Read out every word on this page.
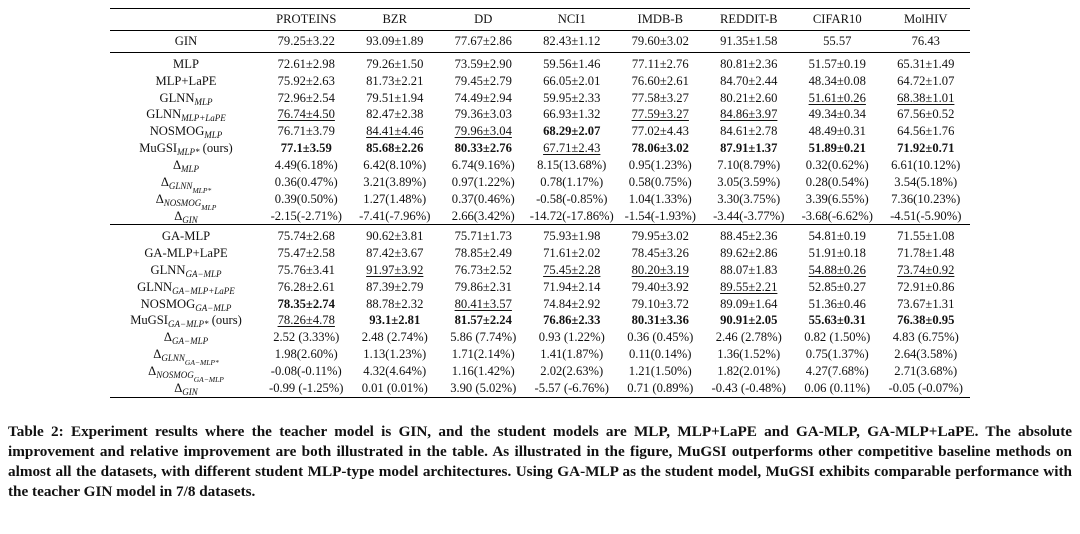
	PROTEINS	BZR	DD	NCI1	IMDB-B	REDDIT-B	CIFAR10	MolHIV
GIN	79.25±3.22	93.09±1.89	77.67±2.86	82.43±1.12	79.60±3.02	91.35±1.58	55.57	76.43
MLP	72.61±2.98	79.26±1.50	73.59±2.90	59.56±1.46	77.11±2.76	80.81±2.36	51.57±0.19	65.31±1.49
MLP+LaPE	75.92±2.63	81.73±2.21	79.45±2.79	66.05±2.01	76.60±2.61	84.70±2.44	48.34±0.08	64.72±1.07
$GLNN_{MLP}$	72.96±2.54	79.51±1.94	74.49±2.94	59.95±2.33	77.58±3.27	80.21±2.60	51.61±0.26	68.38±1.01
$GLNN_{MLP+LaPE}$	76.74±4.50	82.47±2.38	79.36±3.03	66.93±1.32	77.59±3.27	84.86±3.97	49.34±0.34	67.56±0.52
$NOSMOG_{MLP}$	76.71±3.79	84.41±4.46	79.96±3.04	68.29±2.07	77.02±4.43	84.61±2.78	48.49±0.31	64.56±1.76
MuGSI$_{MLP*}$ (ours)	77.1±3.59	85.68±2.26	80.33±2.76	67.71±2.43	78.06±3.02	87.91±1.37	51.89±0.21	71.92±0.71
$\Delta_{MLP}$	4.49(6.18%)	6.42(8.10%)	6.74(9.16%)	8.15(13.68%)	0.95(1.23%)	7.10(8.79%)	0.32(0.62%)	6.61(10.12%)
$\Delta_{GLNN_{MLP*}}$	0.36(0.47%)	3.21(3.89%)	0.97(1.22%)	0.78(1.17%)	0.58(0.75%)	3.05(3.59%)	0.28(0.54%)	3.54(5.18%)
$\Delta_{NOSMOG_{MLP}}$	0.39(0.50%)	1.27(1.48%)	0.37(0.46%)	-0.58(-0.85%)	1.04(1.33%)	3.30(3.75%)	3.39(6.55%)	7.36(10.23%)
$\Delta_{GIN}$	-2.15(-2.71%)	-7.41(-7.96%)	2.66(3.42%)	-14.72(-17.86%)	-1.54(-1.93%)	-3.44(-3.77%)	-3.68(-6.62%)	-4.51(-5.90%)
GA-MLP	75.74±2.68	90.62±3.81	75.71±1.73	75.93±1.98	79.95±3.02	88.45±2.36	54.81±0.19	71.55±1.08
GA-MLP+LaPE	75.47±2.58	87.42±3.67	78.85±2.49	71.61±2.02	78.45±3.26	89.62±2.86	51.91±0.18	71.78±1.48
$GLNN_{GA-MLP}$	75.76±3.41	91.97±3.92	76.73±2.52	75.45±2.28	80.20±3.19	88.07±1.83	54.88±0.26	73.74±0.92
$GLNN_{GA-MLP+LaPE}$	76.28±2.61	87.39±2.79	79.86±2.31	71.94±2.14	79.40±3.92	89.55±2.21	52.85±0.27	72.91±0.86
$NOSMOG_{GA-MLP}$	78.35±2.74	88.78±2.32	80.41±3.57	74.84±2.92	79.10±3.72	89.09±1.64	51.36±0.46	73.67±1.31
MuGSI$_{GA-MLP*}$ (ours)	78.26±4.78	93.1±2.81	81.57±2.24	76.86±2.33	80.31±3.36	90.91±2.05	55.63±0.31	76.38±0.95
$\Delta_{GA-MLP}$	2.52 (3.33%)	2.48 (2.74%)	5.86 (7.74%)	0.93 (1.22%)	0.36 (0.45%)	2.46 (2.78%)	0.82 (1.50%)	4.83 (6.75%)
$\Delta_{GLNN_{GA-MLP*}}$	1.98(2.60%)	1.13(1.23%)	1.71(2.14%)	1.41(1.87%)	0.11(0.14%)	1.36(1.52%)	0.75(1.37%)	2.64(3.58%)
$\Delta_{NOSMOG_{GA-MLP}}$	-0.08(-0.11%)	4.32(4.64%)	1.16(1.42%)	2.02(2.63%)	1.21(1.50%)	1.82(2.01%)	4.27(7.68%)	2.71(3.68%)
$\Delta_{GIN}$	-0.99 (-1.25%)	0.01 (0.01%)	3.90 (5.02%)	-5.57 (-6.76%)	0.71 (0.89%)	-0.43 (-0.48%)	0.06 (0.11%)	-0.05 (-0.07%)
Table 2: Experiment results where the teacher model is GIN, and the student models are MLP, MLP+LaPE and GA-MLP, GA-MLP+LaPE. The absolute improvement and relative improvement are both illustrated in the table. As illustrated in the figure, MuGSI outperforms other competitive baseline methods on almost all the datasets, with different student MLP-type model architectures. Using GA-MLP as the student model, MuGSI exhibits comparable performance with the teacher GIN model in 7/8 datasets.
